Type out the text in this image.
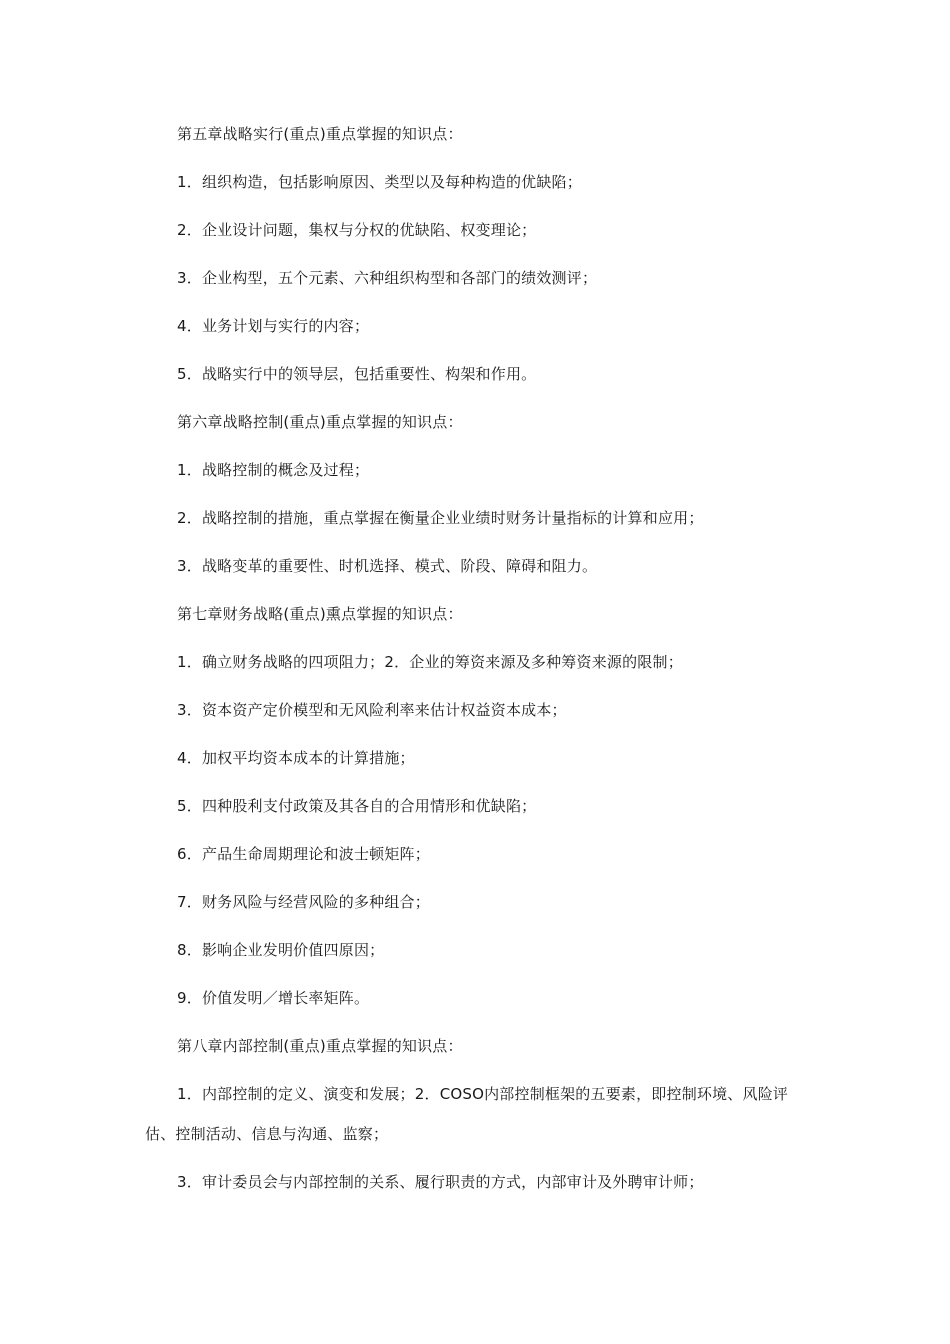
第五章战略实行(重点)重点掌握的知识点：

1．组织构造，包括影响原因、类型以及每种构造的优缺陷；

2．企业设计问题，集权与分权的优缺陷、权变理论；

3．企业构型，五个元素、六种组织构型和各部门的绩效测评；

4．业务计划与实行的内容；

5．战略实行中的领导层，包括重要性、构架和作用。

第六章战略控制(重点)重点掌握的知识点：

1．战略控制的概念及过程；

2．战略控制的措施，重点掌握在衡量企业业绩时财务计量指标的计算和应用；

3．战略变革的重要性、时机选择、模式、阶段、障碍和阻力。

第七章财务战略(重点)熏点掌握的知识点：

1．确立财务战略的四项阻力；2．企业的筹资来源及多种筹资来源的限制；

3．资本资产定价模型和无风险利率来估计权益资本成本；

4．加权平均资本成本的计算措施；

5．四种股利支付政策及其各自的合用情形和优缺陷；

6．产品生命周期理论和波士顿矩阵；

7．财务风险与经营风险的多种组合；

8．影响企业发明价值四原因；

9．价值发明／增长率矩阵。

第八章内部控制(重点)重点掌握的知识点：

1．内部控制的定义、演变和发展；2．COSO内部控制框架的五要素，即控制环境、风险评估、控制活动、信息与沟通、监察；

3．审计委员会与内部控制的关系、履行职责的方式，内部审计及外聘审计师；
